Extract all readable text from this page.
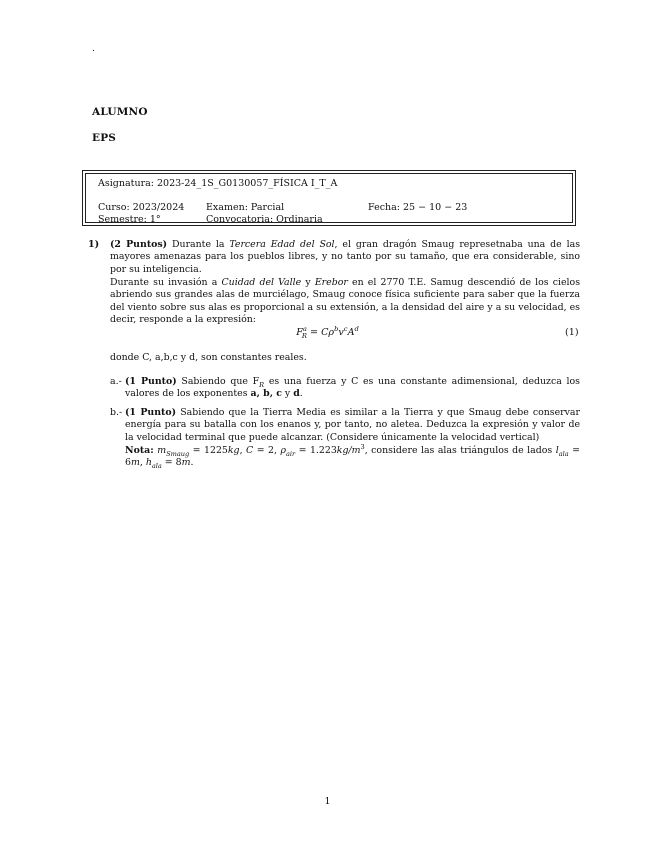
.
ALUMNO
EPS
Asignatura: 2023-24_1S_G0130057_FÍSICA I_T_A
Curso: 2023/2024 Examen: Parcial	Fecha: 25 − 10 − 23
Semestre: 1°	Convocatoria: Ordinaria
1) (2 Puntos) Durante la Tercera Edad del Sol, el gran dragón Smaug represetnaba una de las mayores amenazas para los pueblos libres, y no tanto por su tamaño, que era considerable, sino por su inteligencia.
Durante su invasión a Cuidad del Valle y Erebor en el 2770 T.E. Samug descendió de los cielos abriendo sus grandes alas de murciélago, Smaug conoce física suficiente para saber que la fuerza del viento sobre sus alas es proporcional a su extensión, a la densidad del aire y a su velocidad, es decir, responde a la expresión:
$F^a_R = C\rho^bv^cA^d$	(1)
donde C, a,b,c y d, son constantes reales.
a.- (1 Punto) Sabiendo que $F_R$ es una fuerza y C es una constante adimensional, deduzca los valores de los exponentes a, b, c y d.
b.- (1 Punto) Sabiendo que la Tierra Media es similar a la Tierra y que Smaug debe conservar energía para su batalla con los enanos y, por tanto, no aletea. Deduzca la expresión y valor de la velocidad terminal que puede alcanzar. (Considere únicamente la velocidad vertical)
Nota: $m_{Smaug} = 1225kg$, C = 2, $\rho_{air} = 1.223kg/m^3$, considere las alas triángulos de lados $l_{ala} = 6m$, $h_{ala} = 8m$.
1
